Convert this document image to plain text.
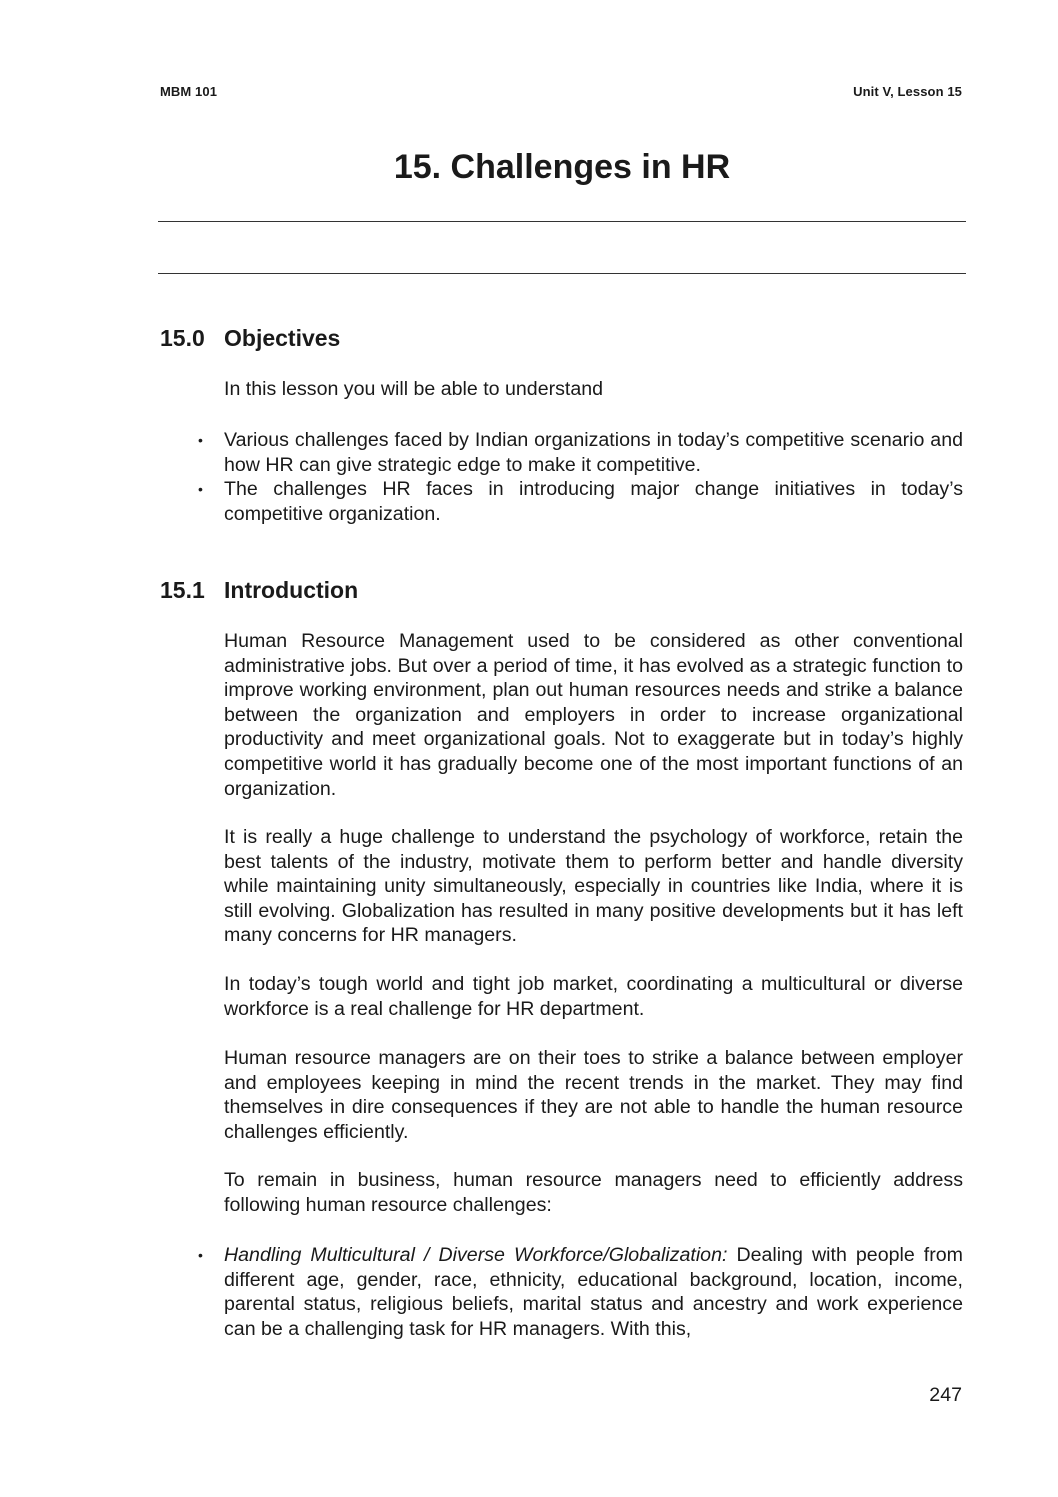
MBM 101	Unit V, Lesson 15
15. Challenges in HR
15.0 Objectives

In this lesson you will be able to understand

• Various challenges faced by Indian organizations in today’s competitive scenario and how HR can give strategic edge to make it competitive.
• The challenges HR faces in introducing major change initiatives in today’s competitive organization.
15.1 Introduction

Human Resource Management used to be considered as other conventional administrative jobs. But over a period of time, it has evolved as a strategic function to improve working environment, plan out human resources needs and strike a balance between the organization and employers in order to increase organizational productivity and meet organizational goals. Not to exaggerate but in today’s highly competitive world it has gradually become one of the most important functions of an organization.

It is really a huge challenge to understand the psychology of workforce, retain the best talents of the industry, motivate them to perform better and handle diversity while maintaining unity simultaneously, especially in countries like India, where it is still evolving. Globalization has resulted in many positive developments but it has left many concerns for HR managers.

In today’s tough world and tight job market, coordinating a multicultural or diverse workforce is a real challenge for HR department.

Human resource managers are on their toes to strike a balance between employer and employees keeping in mind the recent trends in the market. They may find themselves in dire consequences if they are not able to handle the human resource challenges efficiently.

To remain in business, human resource managers need to efficiently address following human resource challenges:

• Handling Multicultural / Diverse Workforce/Globalization: Dealing with people from different age, gender, race, ethnicity, educational background, location, income, parental status, religious beliefs, marital status and ancestry and work experience can be a challenging task for HR managers. With this,
247
